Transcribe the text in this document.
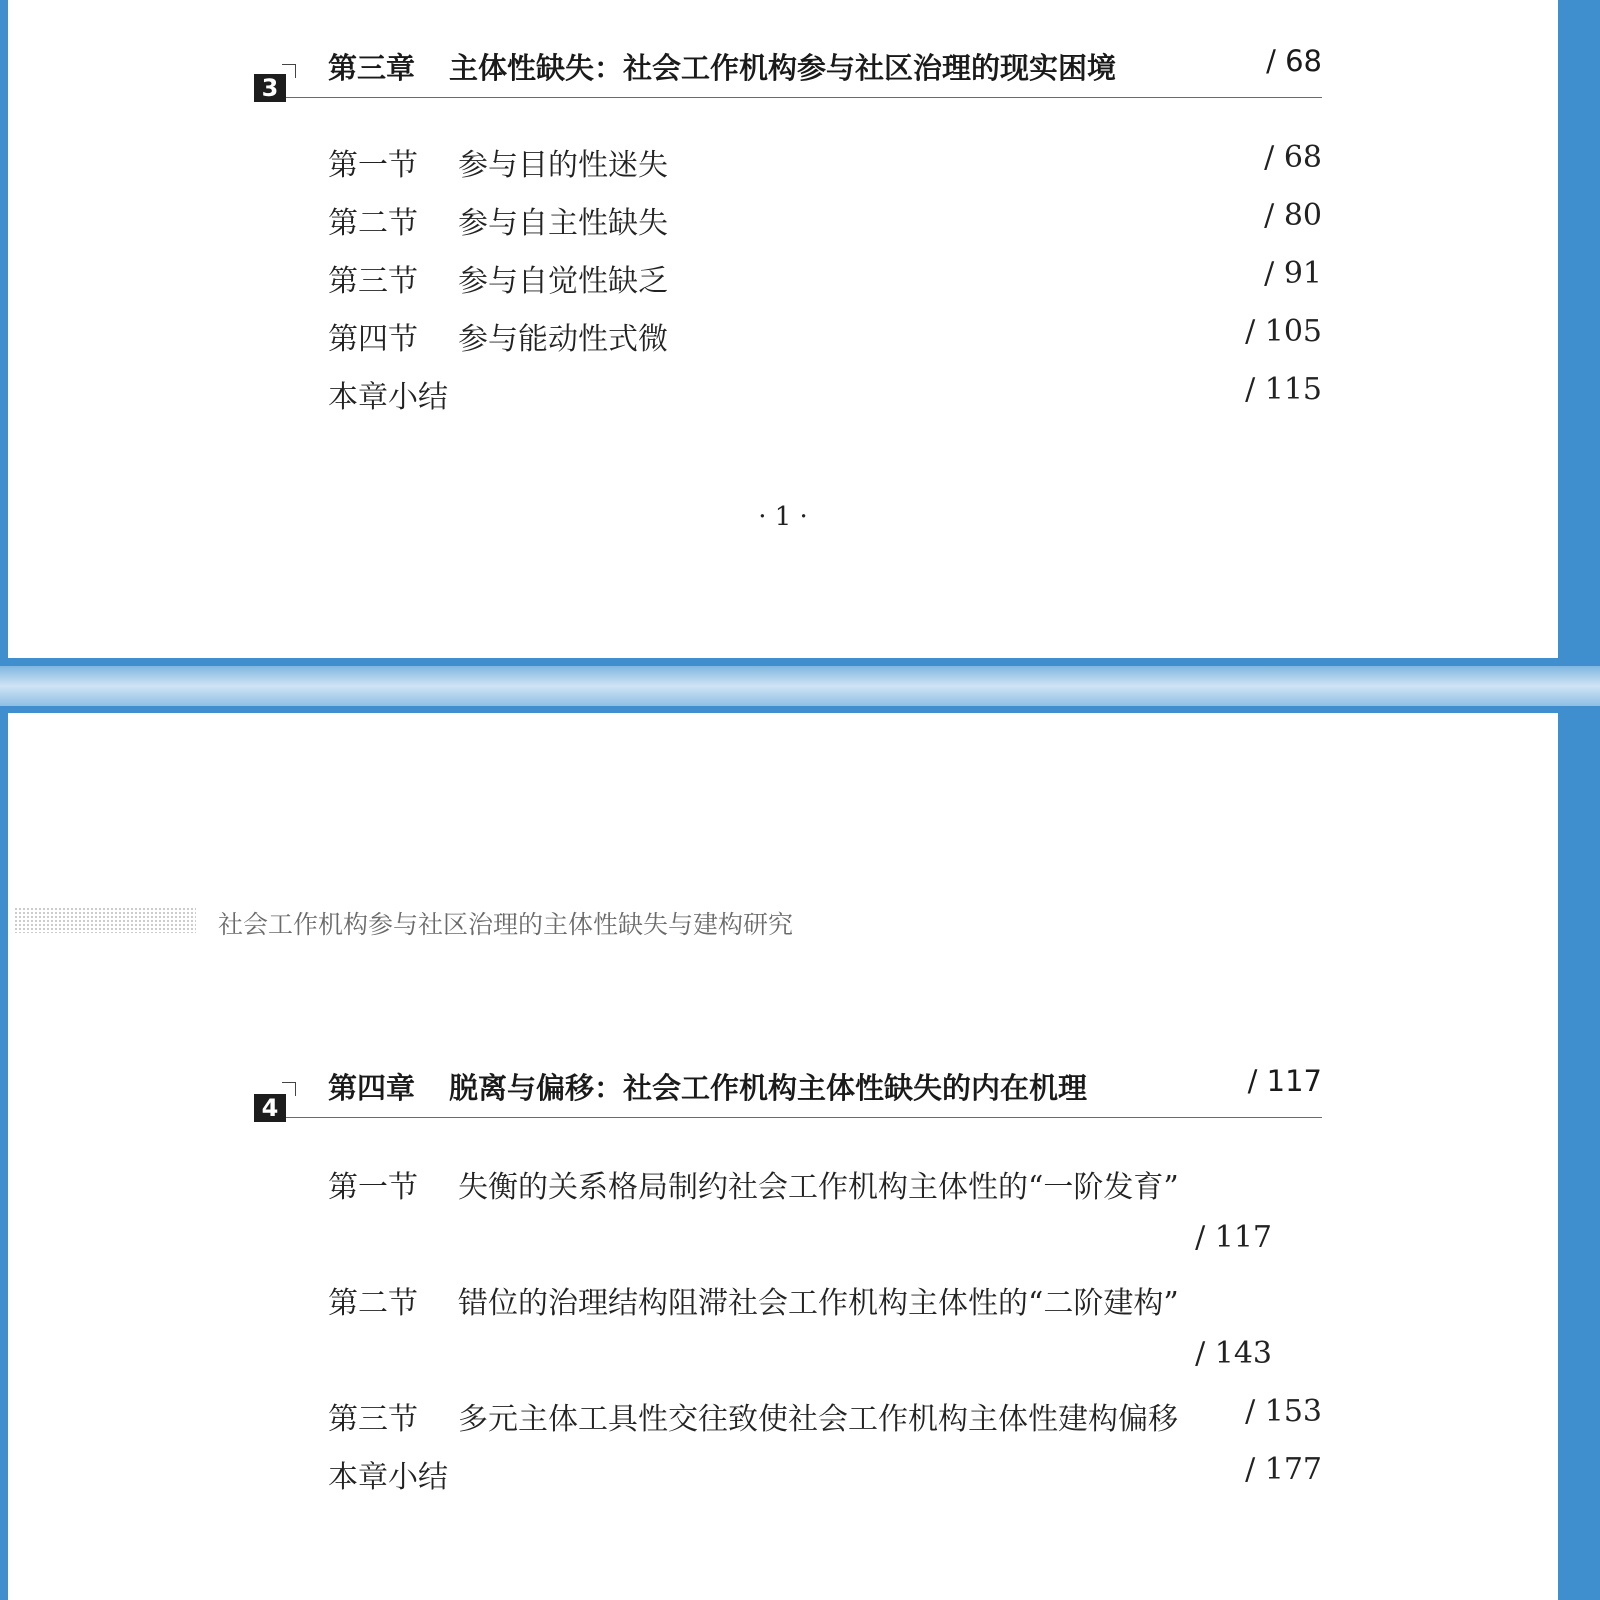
3
第三章 主体性缺失：社会工作机构参与社区治理的现实困境	/ 68
第一节 参与目的性迷失	/ 68
第二节 参与自主性缺失	/ 80
第三节 参与自觉性缺乏	/ 91
第四节 参与能动性式微	/ 105
本章小结	/ 115
· 1 ·
社会工作机构参与社区治理的主体性缺失与建构研究
4
第四章 脱离与偏移：社会工作机构主体性缺失的内在机理	/ 117
第一节 失衡的关系格局制约社会工作机构主体性的“一阶发育”
/ 117
第二节 错位的治理结构阻滞社会工作机构主体性的“二阶建构”
/ 143
第三节 多元主体工具性交往致使社会工作机构主体性建构偏移 / 153
本章小结	/ 177
